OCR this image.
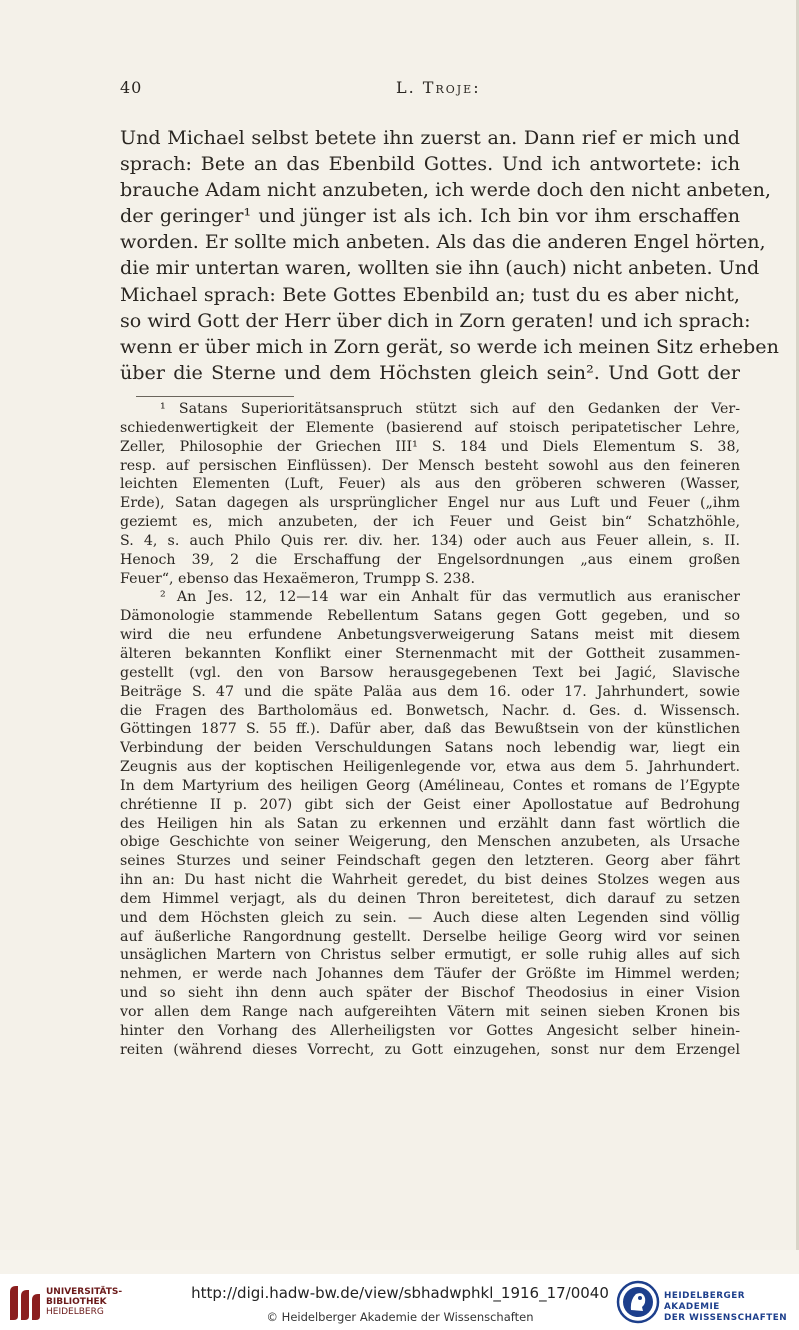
40	L. Troje:
Und Michael selbst betete ihn zuerst an. Dann rief er mich und
sprach: Bete an das Ebenbild Gottes. Und ich antwortete: ich
brauche Adam nicht anzubeten, ich werde doch den nicht anbeten,
der geringer¹ und jünger ist als ich. Ich bin vor ihm erschaffen
worden. Er sollte mich anbeten. Als das die anderen Engel hörten,
die mir untertan waren, wollten sie ihn (auch) nicht anbeten. Und
Michael sprach: Bete Gottes Ebenbild an; tust du es aber nicht,
so wird Gott der Herr über dich in Zorn geraten! und ich sprach:
wenn er über mich in Zorn gerät, so werde ich meinen Sitz erheben
über die Sterne und dem Höchsten gleich sein². Und Gott der
¹ Satans Superioritätsanspruch stützt sich auf den Gedanken der Ver-
schiedenwertigkeit der Elemente (basierend auf stoisch peripatetischer Lehre,
Zeller, Philosophie der Griechen III¹ S. 184 und Diels Elementum S. 38,
resp. auf persischen Einflüssen). Der Mensch besteht sowohl aus den feineren
leichten Elementen (Luft, Feuer) als aus den gröberen schweren (Wasser,
Erde), Satan dagegen als ursprünglicher Engel nur aus Luft und Feuer („ihm
geziemt es, mich anzubeten, der ich Feuer und Geist bin“ Schatzhöhle,
S. 4, s. auch Philo Quis rer. div. her. 134) oder auch aus Feuer allein, s. II.
Henoch 39, 2 die Erschaffung der Engelsordnungen „aus einem großen
Feuer“, ebenso das Hexaëmeron, Trumpp S. 238.
² An Jes. 12, 12—14 war ein Anhalt für das vermutlich aus eranischer
Dämonologie stammende Rebellentum Satans gegen Gott gegeben, und so
wird die neu erfundene Anbetungsverweigerung Satans meist mit diesem
älteren bekannten Konflikt einer Sternenmacht mit der Gottheit zusammen-
gestellt (vgl. den von Barsow herausgegebenen Text bei Jagić, Slavische
Beiträge S. 47 und die späte Paläa aus dem 16. oder 17. Jahrhundert, sowie
die Fragen des Bartholomäus ed. Bonwetsch, Nachr. d. Ges. d. Wissensch.
Göttingen 1877 S. 55 ff.). Dafür aber, daß das Bewußtsein von der künstlichen
Verbindung der beiden Verschuldungen Satans noch lebendig war, liegt ein
Zeugnis aus der koptischen Heiligenlegende vor, etwa aus dem 5. Jahrhundert.
In dem Martyrium des heiligen Georg (Amélineau, Contes et romans de l’Egypte
chrétienne II p. 207) gibt sich der Geist einer Apollostatue auf Bedrohung
des Heiligen hin als Satan zu erkennen und erzählt dann fast wörtlich die
obige Geschichte von seiner Weigerung, den Menschen anzubeten, als Ursache
seines Sturzes und seiner Feindschaft gegen den letzteren. Georg aber fährt
ihn an: Du hast nicht die Wahrheit geredet, du bist deines Stolzes wegen aus
dem Himmel verjagt, als du deinen Thron bereitetest, dich darauf zu setzen
und dem Höchsten gleich zu sein. — Auch diese alten Legenden sind völlig
auf äußerliche Rangordnung gestellt. Derselbe heilige Georg wird vor seinen
unsäglichen Martern von Christus selber ermutigt, er solle ruhig alles auf sich
nehmen, er werde nach Johannes dem Täufer der Größte im Himmel werden;
und so sieht ihn denn auch später der Bischof Theodosius in einer Vision
vor allen dem Range nach aufgereihten Vätern mit seinen sieben Kronen bis
hinter den Vorhang des Allerheiligsten vor Gottes Angesicht selber hinein-
reiten (während dieses Vorrecht, zu Gott einzugehen, sonst nur dem Erzengel
UNIVERSITÄTS-
BIBLIOTHEK
HEIDELBERG
http://digi.hadw-bw.de/view/sbhadwphkl_1916_17/0040
© Heidelberger Akademie der Wissenschaften
HEIDELBERGER AKADEMIE
DER WISSENSCHAFTEN
